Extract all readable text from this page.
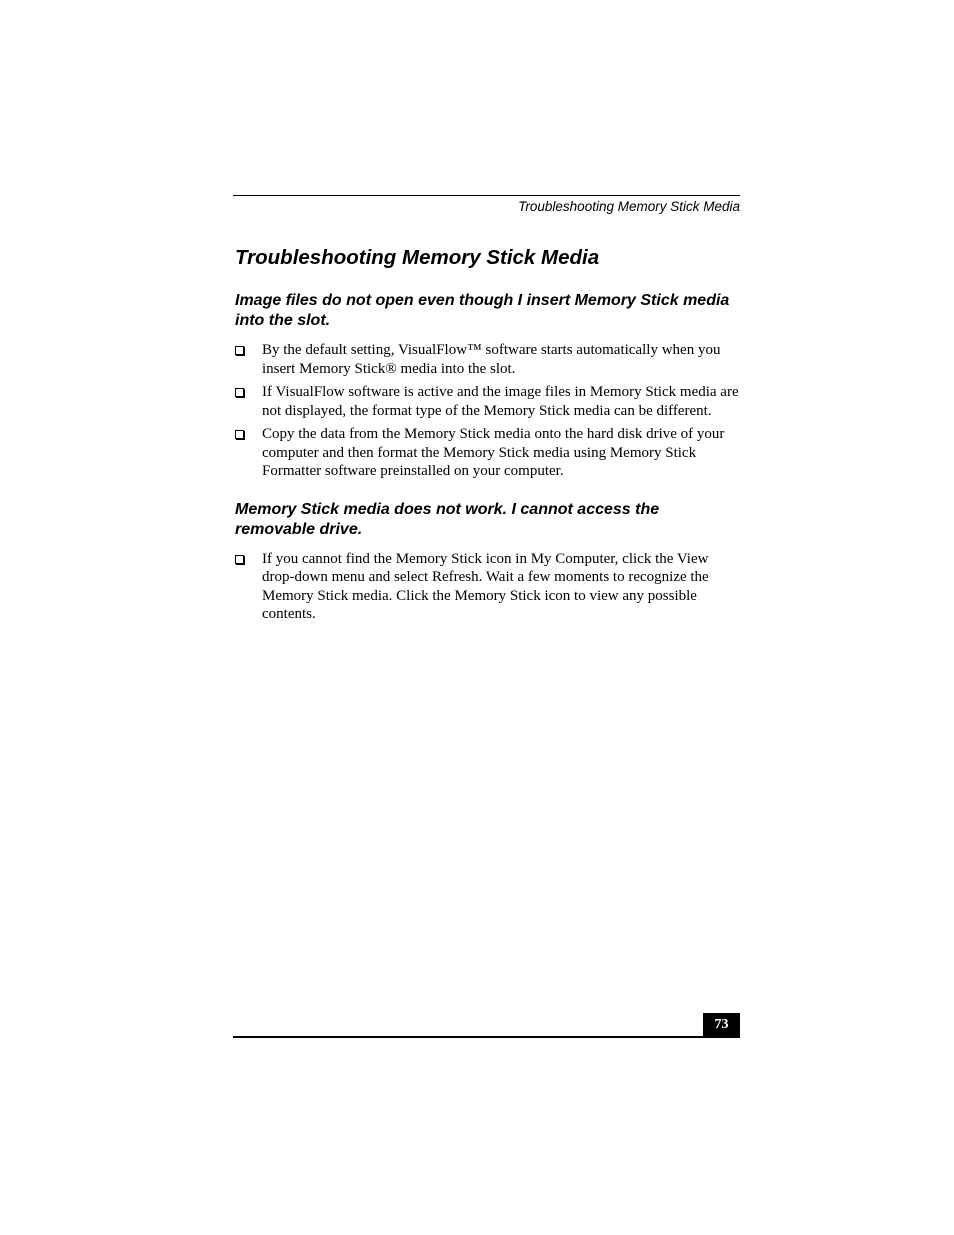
Troubleshooting Memory Stick Media
Troubleshooting Memory Stick Media
Image files do not open even though I insert Memory Stick media into the slot.
By the default setting, VisualFlow™ software starts automatically when you insert Memory Stick® media into the slot.
If VisualFlow software is active and the image files in Memory Stick media are not displayed, the format type of the Memory Stick media can be different.
Copy the data from the Memory Stick media onto the hard disk drive of your computer and then format the Memory Stick media using Memory Stick Formatter software preinstalled on your computer.
Memory Stick media does not work. I cannot access the removable drive.
If you cannot find the Memory Stick icon in My Computer, click the View drop-down menu and select Refresh. Wait a few moments to recognize the Memory Stick media. Click the Memory Stick icon to view any possible contents.
73
